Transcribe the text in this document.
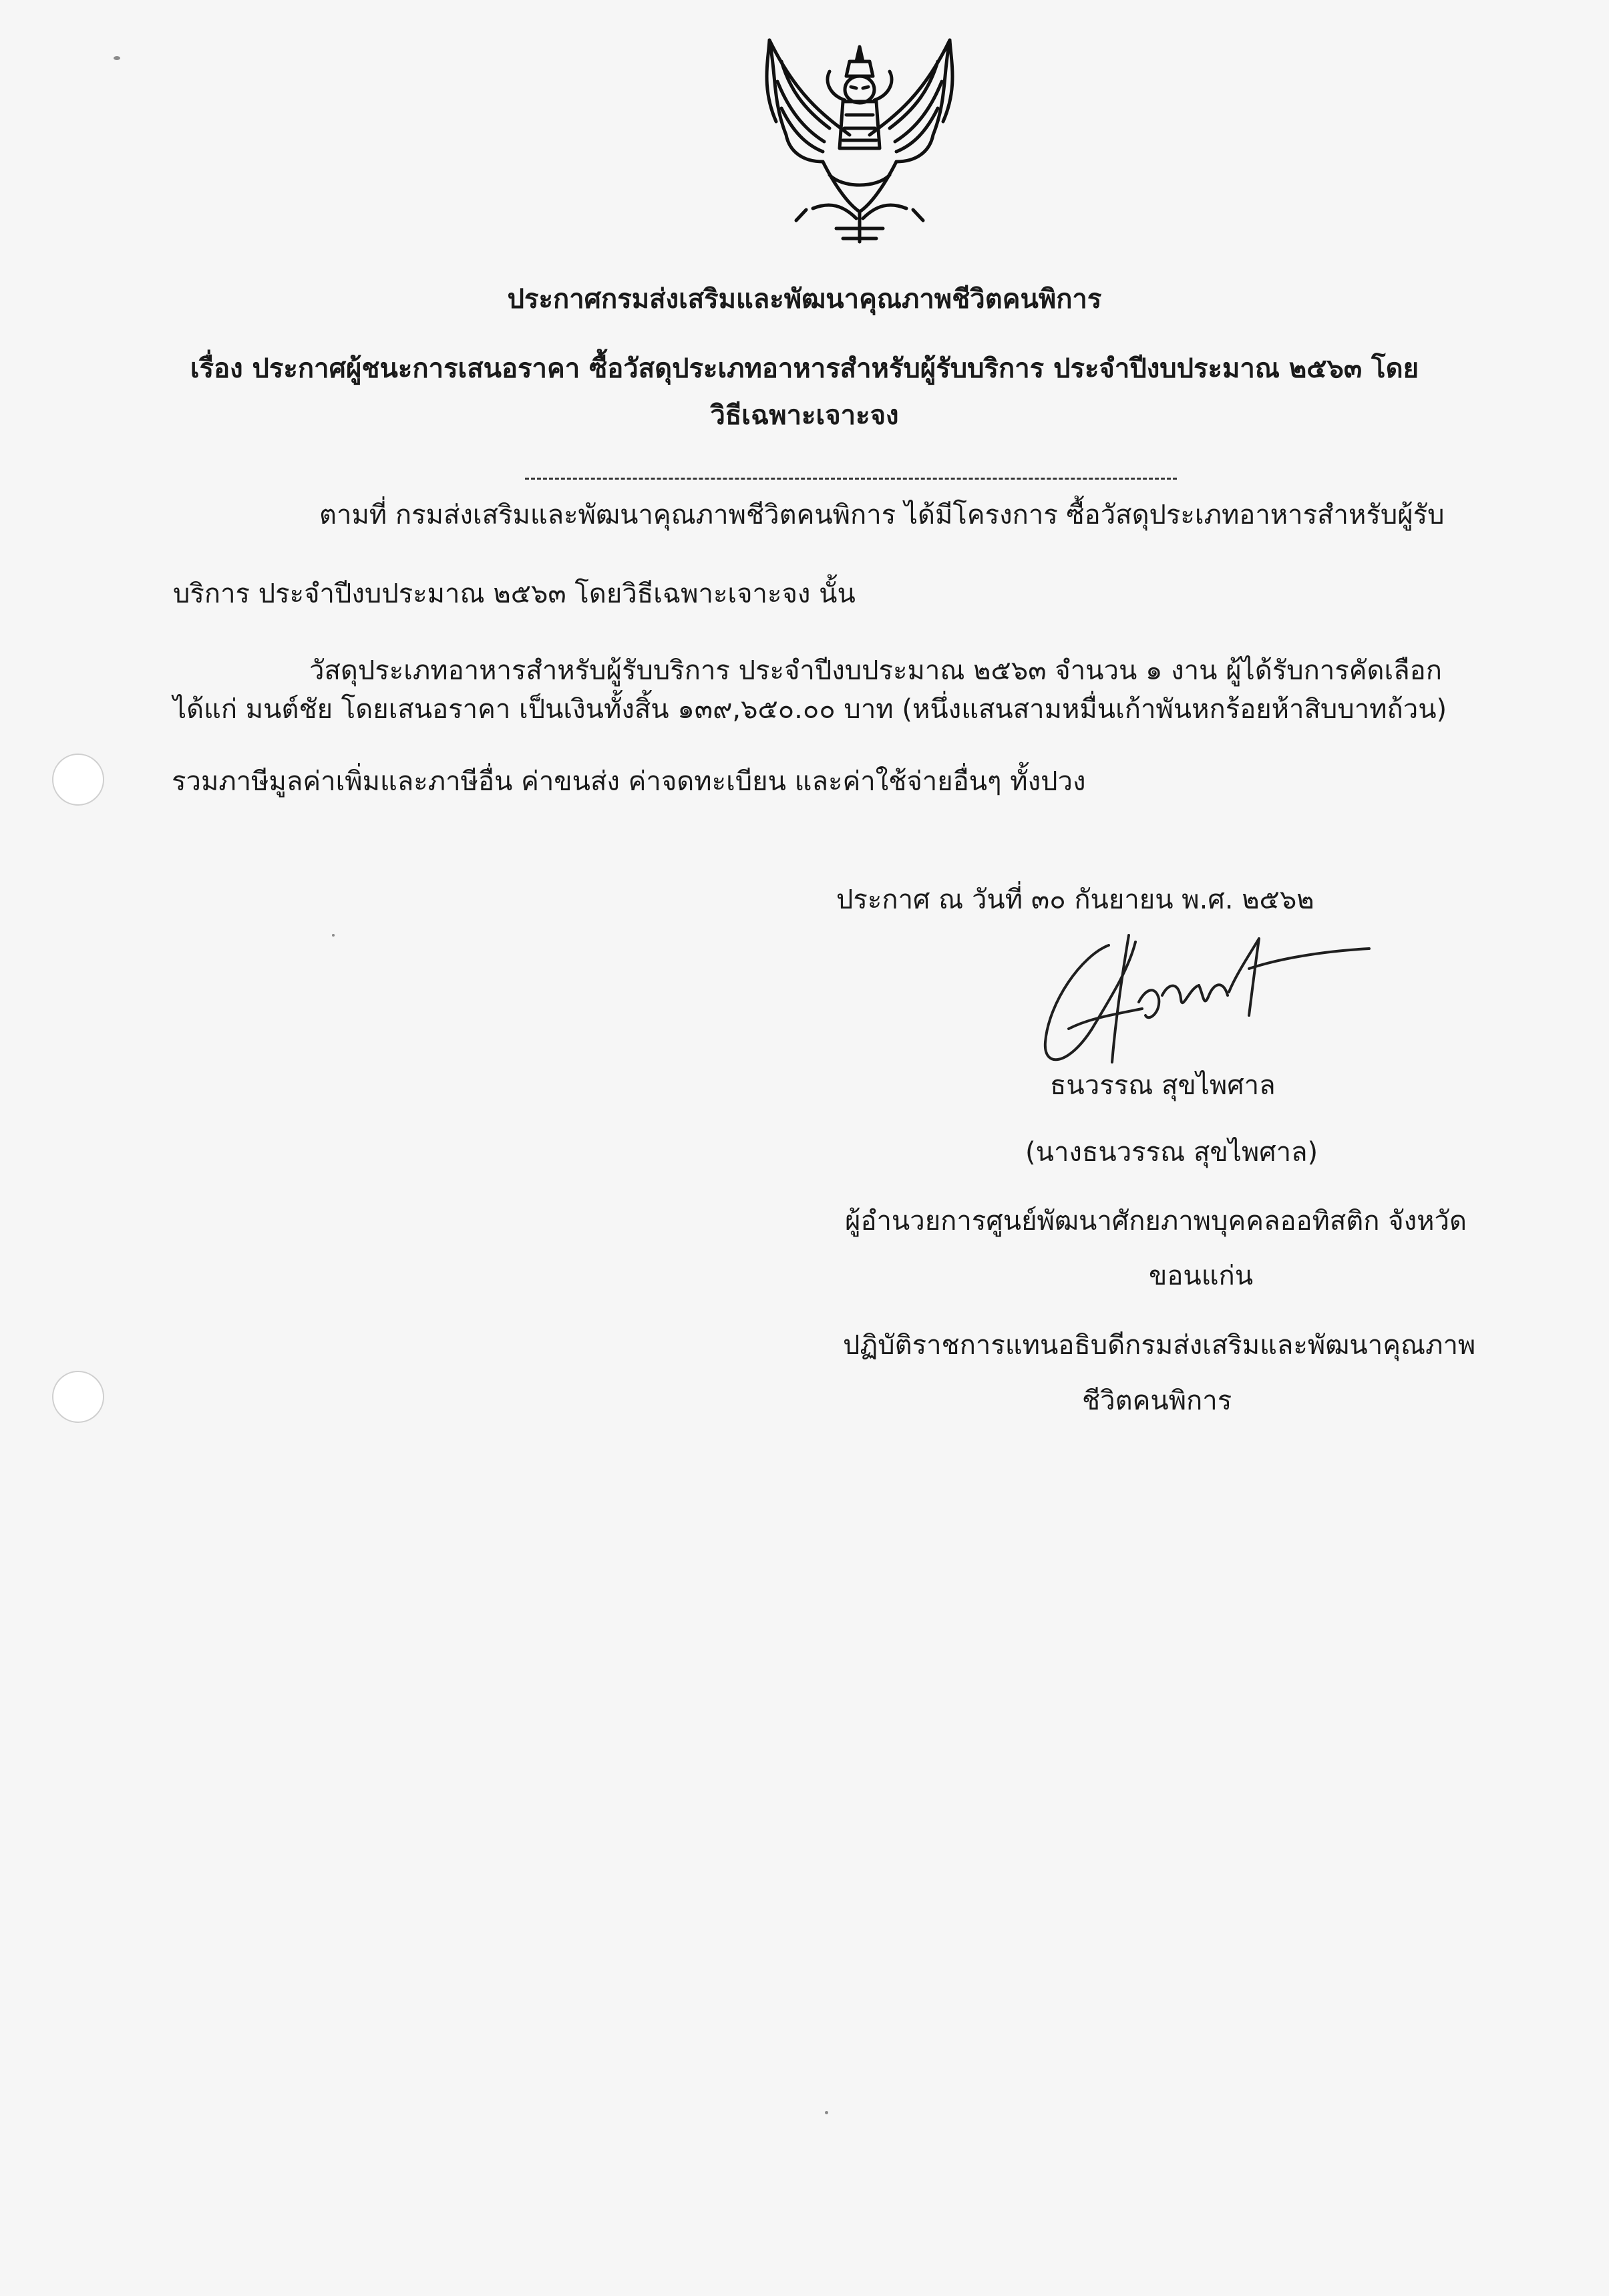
ประกาศกรมส่งเสริมและพัฒนาคุณภาพชีวิตคนพิการ
เรื่อง ประกาศผู้ชนะการเสนอราคา ซื้อวัสดุประเภทอาหารสำหรับผู้รับบริการ ประจำปีงบประมาณ ๒๕๖๓ โดย
วิธีเฉพาะเจาะจง
ตามที่ กรมส่งเสริมและพัฒนาคุณภาพชีวิตคนพิการ ได้มีโครงการ ซื้อวัสดุประเภทอาหารสำหรับผู้รับ
บริการ ประจำปีงบประมาณ ๒๕๖๓ โดยวิธีเฉพาะเจาะจง นั้น
วัสดุประเภทอาหารสำหรับผู้รับบริการ ประจำปีงบประมาณ ๒๕๖๓ จำนวน ๑ งาน ผู้ได้รับการคัดเลือก
ได้แก่ มนต์ชัย โดยเสนอราคา เป็นเงินทั้งสิ้น ๑๓๙,๖๕๐.๐๐ บาท (หนึ่งแสนสามหมื่นเก้าพันหกร้อยห้าสิบบาทถ้วน)
รวมภาษีมูลค่าเพิ่มและภาษีอื่น ค่าขนส่ง ค่าจดทะเบียน และค่าใช้จ่ายอื่นๆ ทั้งปวง
ประกาศ ณ วันที่ ๓๐ กันยายน พ.ศ. ๒๕๖๒
ธนวรรณ สุขไพศาล
(นางธนวรรณ สุขไพศาล)
ผู้อำนวยการศูนย์พัฒนาศักยภาพบุคคลออทิสติก จังหวัด
ขอนแก่น
ปฏิบัติราชการแทนอธิบดีกรมส่งเสริมและพัฒนาคุณภาพ
ชีวิตคนพิการ
